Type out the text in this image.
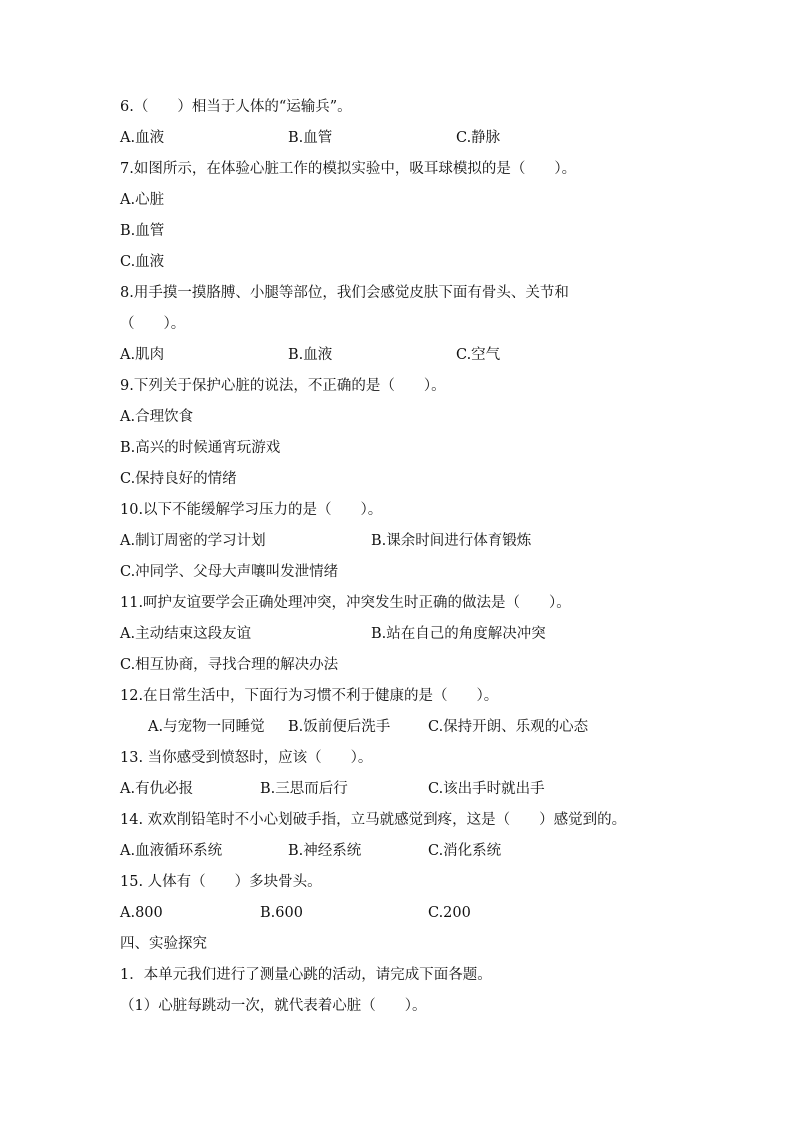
6.（　　）相当于人体的“运输兵”。
A.血液	B.血管	C.静脉
7.如图所示，在体验心脏工作的模拟实验中，吸耳球模拟的是（　　）。
A.心脏
B.血管
C.血液
8.用手摸一摸胳膊、小腿等部位，我们会感觉皮肤下面有骨头、关节和
（　　）。
A.肌肉	B.血液	C.空气
9.下列关于保护心脏的说法，不正确的是（　　）。
A.合理饮食
B.高兴的时候通宵玩游戏
C.保持良好的情绪
10.以下不能缓解学习压力的是（　　）。
A.制订周密的学习计划	B.课余时间进行体育锻炼
C.冲同学、父母大声嚷叫发泄情绪
11.呵护友谊要学会正确处理冲突，冲突发生时正确的做法是（　　）。
A.主动结束这段友谊	B.站在自己的角度解决冲突
C.相互协商，寻找合理的解决办法
12.在日常生活中，下面行为习惯不利于健康的是（　　）。
A.与宠物一同睡觉 B.饭前便后洗手	C.保持开朗、乐观的心态
13. 当你感受到愤怒时，应该（　　）。
A.有仇必报	B.三思而后行	C.该出手时就出手
14. 欢欢削铅笔时不小心划破手指，立马就感觉到疼，这是（　　）感觉到的。
A.血液循环系统	B.神经系统	C.消化系统
15. 人体有（　　）多块骨头。
A.800	B.600	C.200
四、实验探究
1．本单元我们进行了测量心跳的活动，请完成下面各题。
（1）心脏每跳动一次，就代表着心脏（　　）。
